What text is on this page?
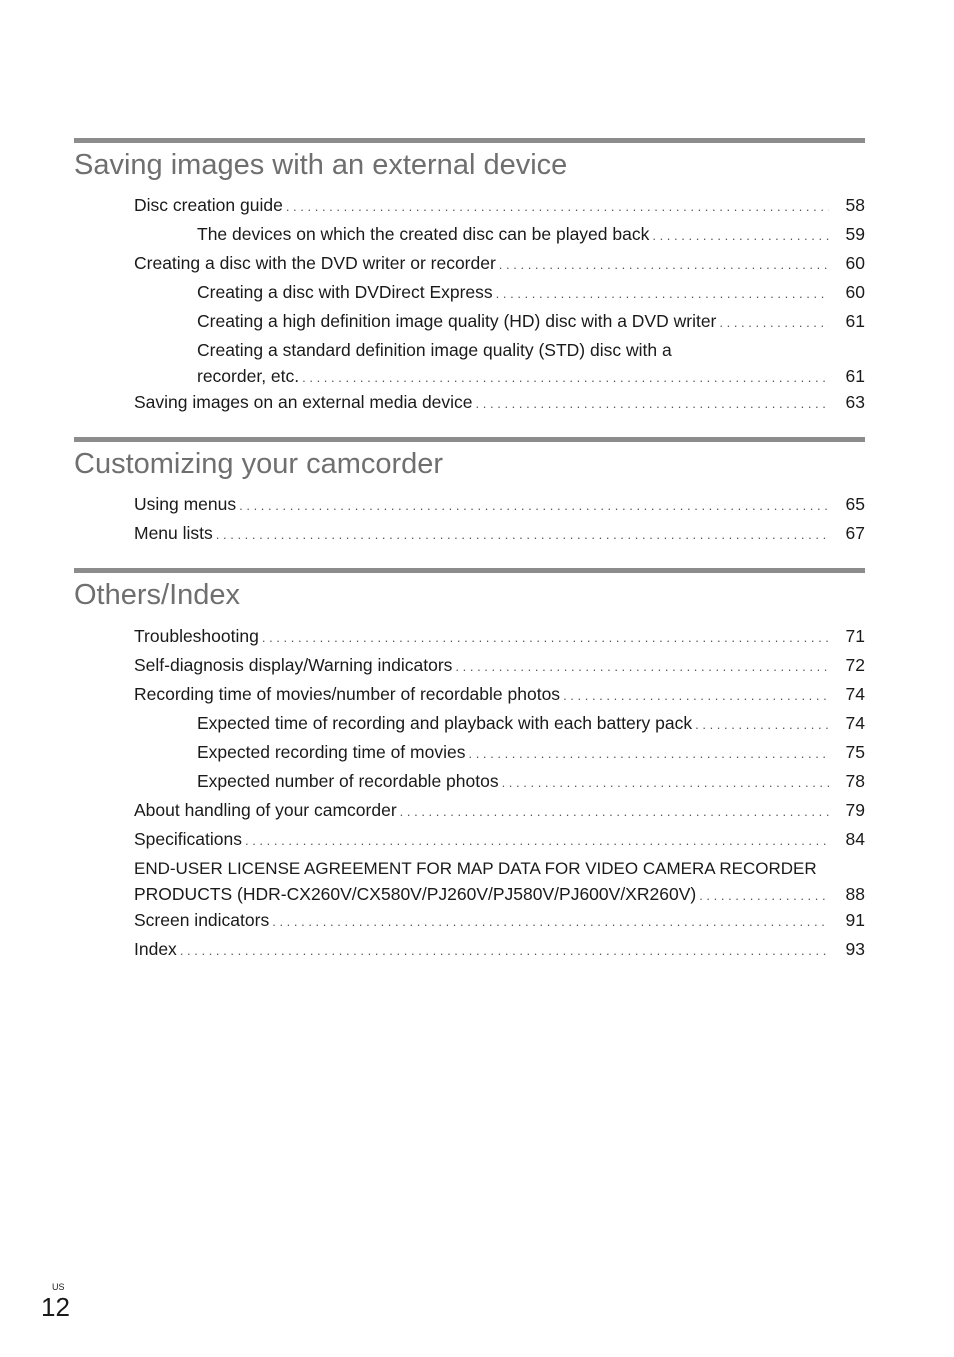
Saving images with an external device
Disc creation guide . . .	58
The devices on which the created disc can be played back . . .	59
Creating a disc with the DVD writer or recorder . . .	60
Creating a disc with DVDirect Express . . .	60
Creating a high definition image quality (HD) disc with a DVD writer . . .	61
Creating a standard definition image quality (STD) disc with a
recorder, etc. . . .	61
Saving images on an external media device . . .	63
Customizing your camcorder
Using menus . . .	65
Menu lists . . .	67
Others/Index
Troubleshooting . . .	71
Self-diagnosis display/Warning indicators . . .	72
Recording time of movies/number of recordable photos . . .	74
Expected time of recording and playback with each battery pack . . .	74
Expected recording time of movies . . .	75
Expected number of recordable photos . . .	78
About handling of your camcorder . . .	79
Specifications . . .	84
END-USER LICENSE AGREEMENT FOR MAP DATA FOR VIDEO CAMERA RECORDER
PRODUCTS (HDR-CX260V/CX580V/PJ260V/PJ580V/PJ600V/XR260V) . . .	88
Screen indicators . . .	91
Index . . .	93
US
12
